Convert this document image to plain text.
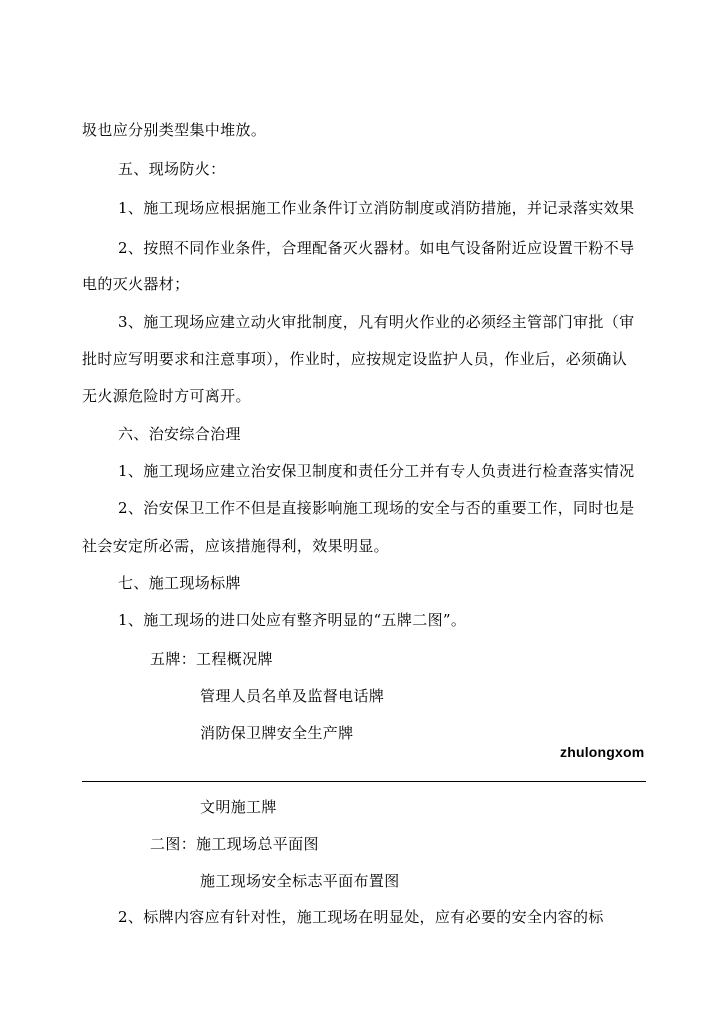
圾也应分别类型集中堆放。
五、现场防火：
1、施工现场应根据施工作业条件订立消防制度或消防措施，并记录落实效果
2、按照不同作业条件，合理配备灭火器材。如电气设备附近应设置干粉不导
电的灭火器材；
3、施工现场应建立动火审批制度，凡有明火作业的必须经主管部门审批（审
批时应写明要求和注意事项），作业时，应按规定设监护人员，作业后，必须确认
无火源危险时方可离开。
六、治安综合治理
1、施工现场应建立治安保卫制度和责任分工并有专人负责进行检查落实情况
2、治安保卫工作不但是直接影响施工现场的安全与否的重要工作，同时也是
社会安定所必需，应该措施得利，效果明显。
七、施工现场标牌
1、施工现场的进口处应有整齐明显的“五牌二图”。
五牌：工程概况牌
管理人员名单及监督电话牌
消防保卫牌安全生产牌
zhulongxom
文明施工牌
二图：施工现场总平面图
施工现场安全标志平面布置图
2、标牌内容应有针对性，施工现场在明显处，应有必要的安全内容的标
